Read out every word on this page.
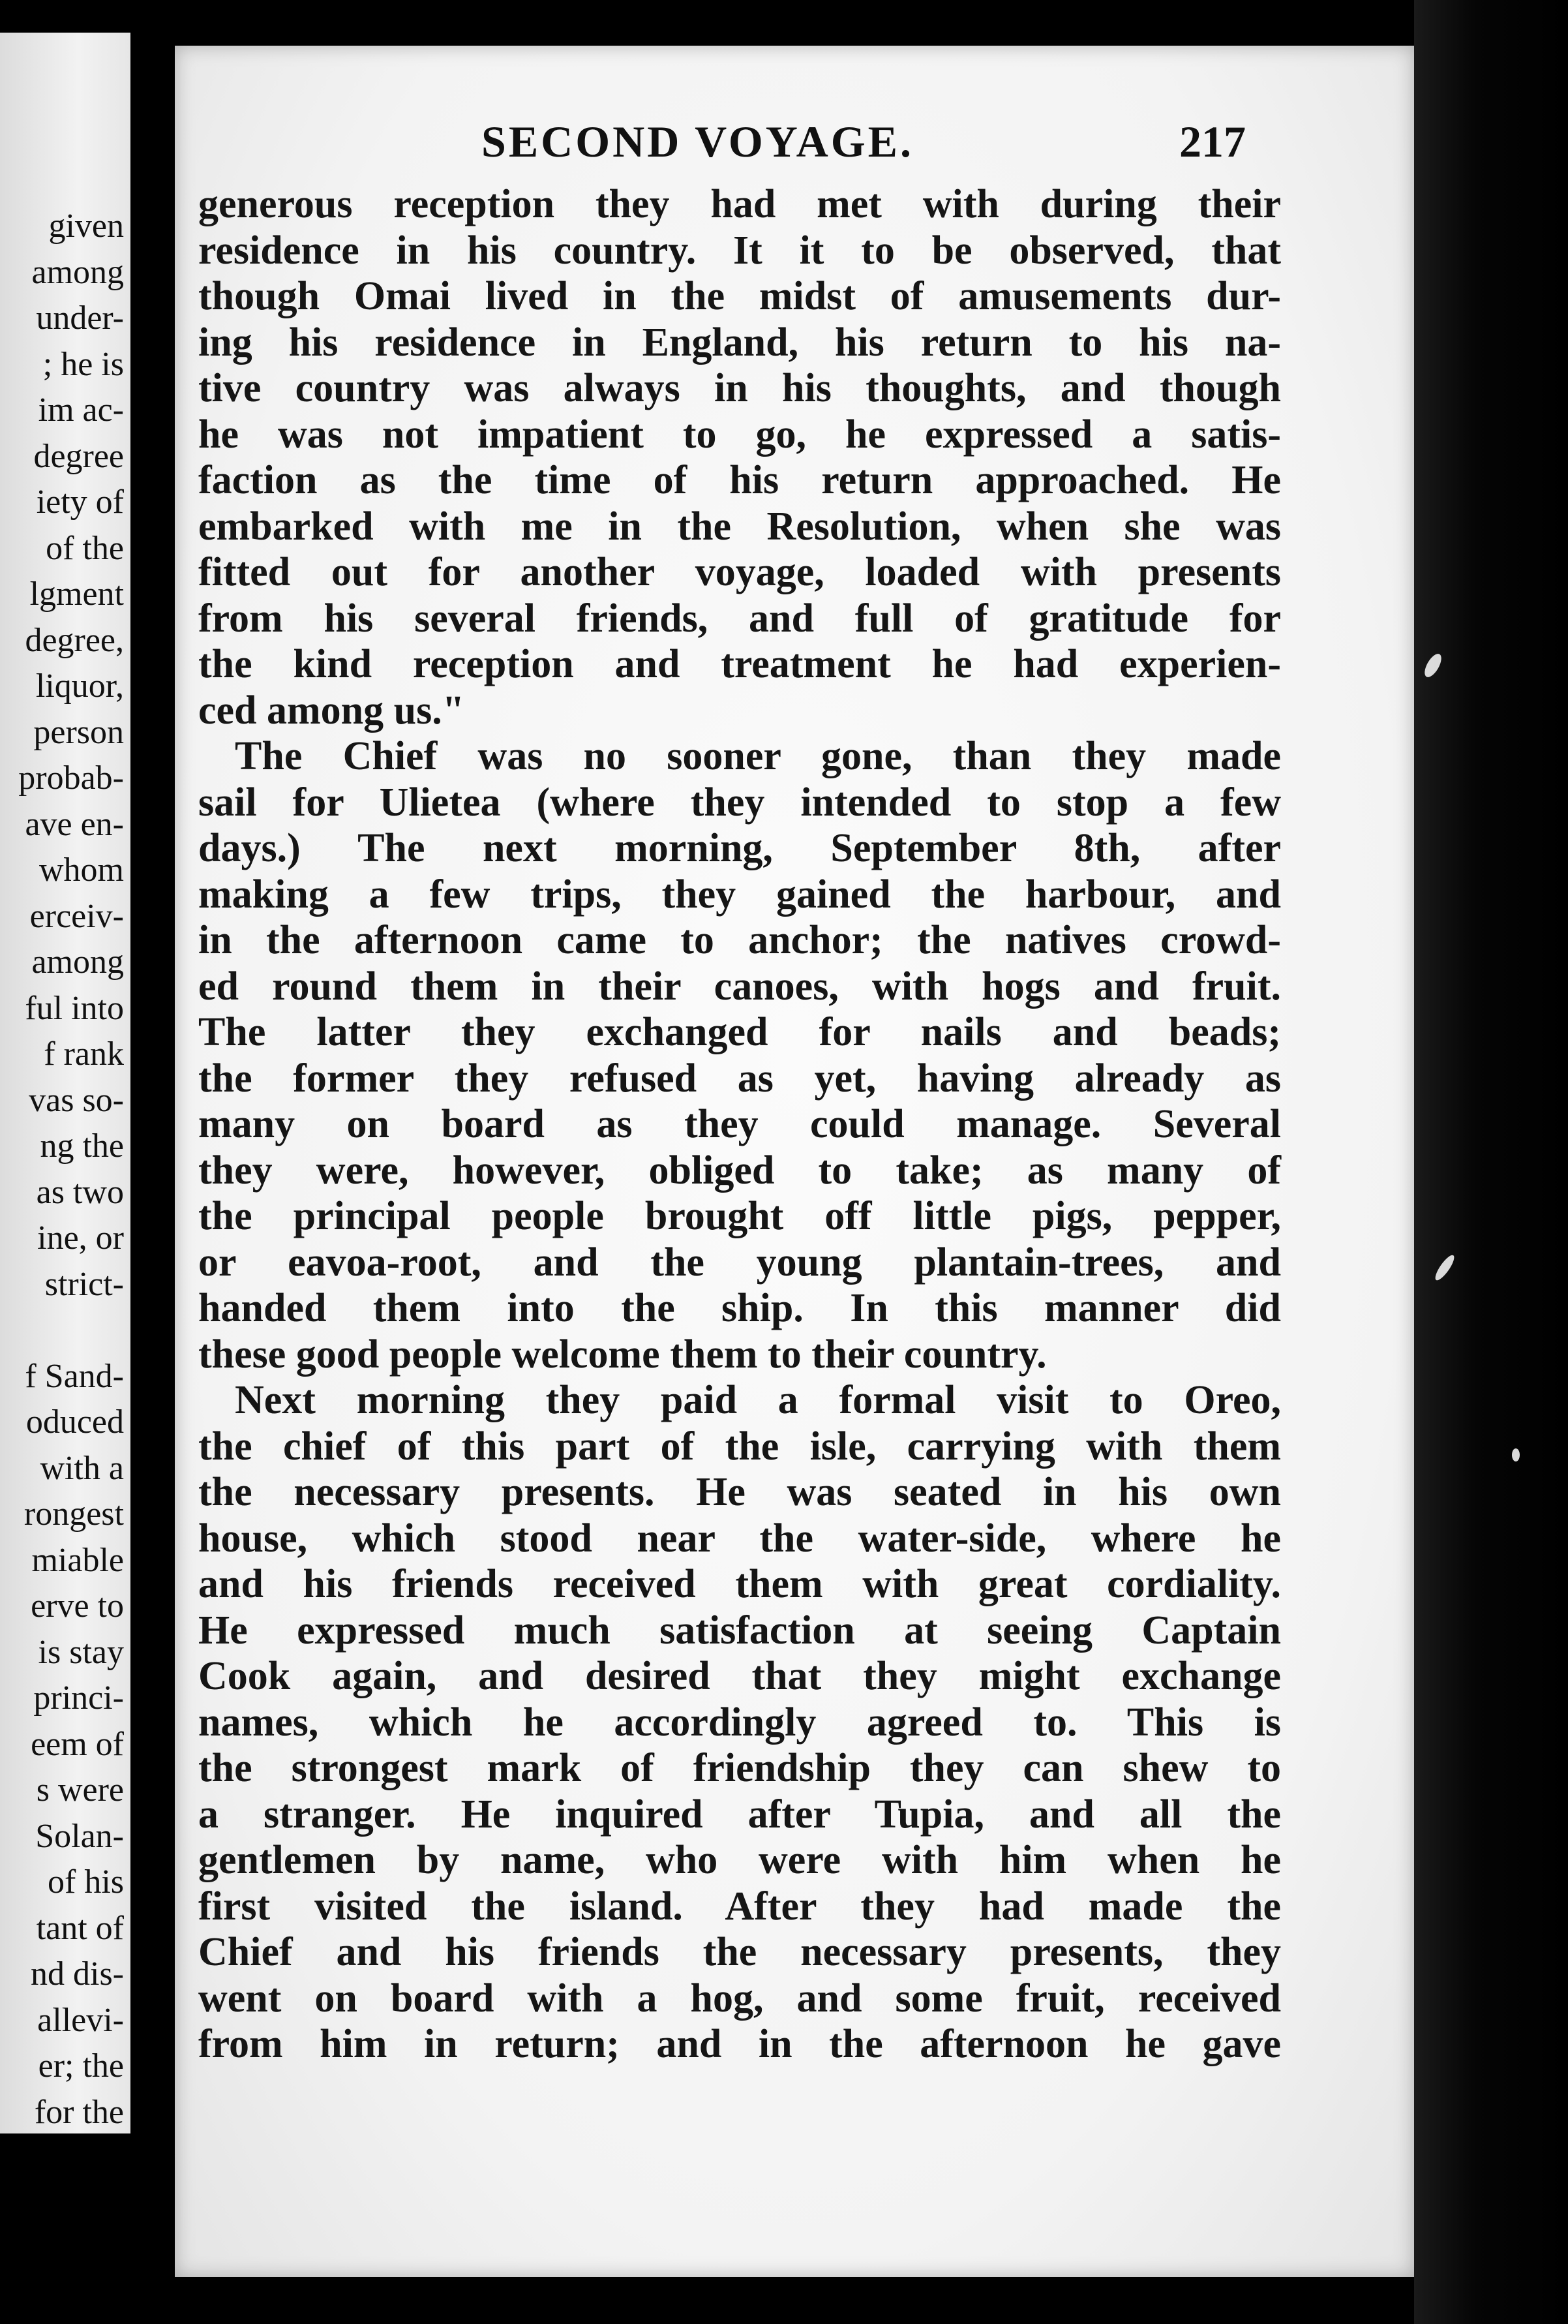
given
among
under-
; he is
im ac-
degree
iety of
of the
lgment
degree,
liquor,
person
probab-
ave en-
whom
erceiv-
among
ful into
f rank
vas so-
ng the
as two
ine, or
strict-
f Sand-
oduced
with a
rongest
miable
erve to
is stay
princi-
eem of
s were
Solan-
of his
tant of
nd dis-
allevi-
er; the
for the
SECOND VOYAGE.	217
generous reception they had met with during their
residence in his country. It it to be observed, that
though Omai lived in the midst of amusements dur-
ing his residence in England, his return to his na-
tive country was always in his thoughts, and though
he was not impatient to go, he expressed a satis-
faction as the time of his return approached. He
embarked with me in the Resolution, when she was
fitted out for another voyage, loaded with presents
from his several friends, and full of gratitude for
the kind reception and treatment he had experien-
ced among us."
The Chief was no sooner gone, than they made
sail for Ulietea (where they intended to stop a few
days.) The next morning, September 8th, after
making a few trips, they gained the harbour, and
in the afternoon came to anchor; the natives crowd-
ed round them in their canoes, with hogs and fruit.
The latter they exchanged for nails and beads;
the former they refused as yet, having already as
many on board as they could manage. Several
they were, however, obliged to take; as many of
the principal people brought off little pigs, pepper,
or eavoa-root, and the young plantain-trees, and
handed them into the ship. In this manner did
these good people welcome them to their country.
Next morning they paid a formal visit to Oreo,
the chief of this part of the isle, carrying with them
the necessary presents. He was seated in his own
house, which stood near the water-side, where he
and his friends received them with great cordiality.
He expressed much satisfaction at seeing Captain
Cook again, and desired that they might exchange
names, which he accordingly agreed to. This is
the strongest mark of friendship they can shew to
a stranger. He inquired after Tupia, and all the
gentlemen by name, who were with him when he
first visited the island. After they had made the
Chief and his friends the necessary presents, they
went on board with a hog, and some fruit, received
from him in return; and in the afternoon he gave
